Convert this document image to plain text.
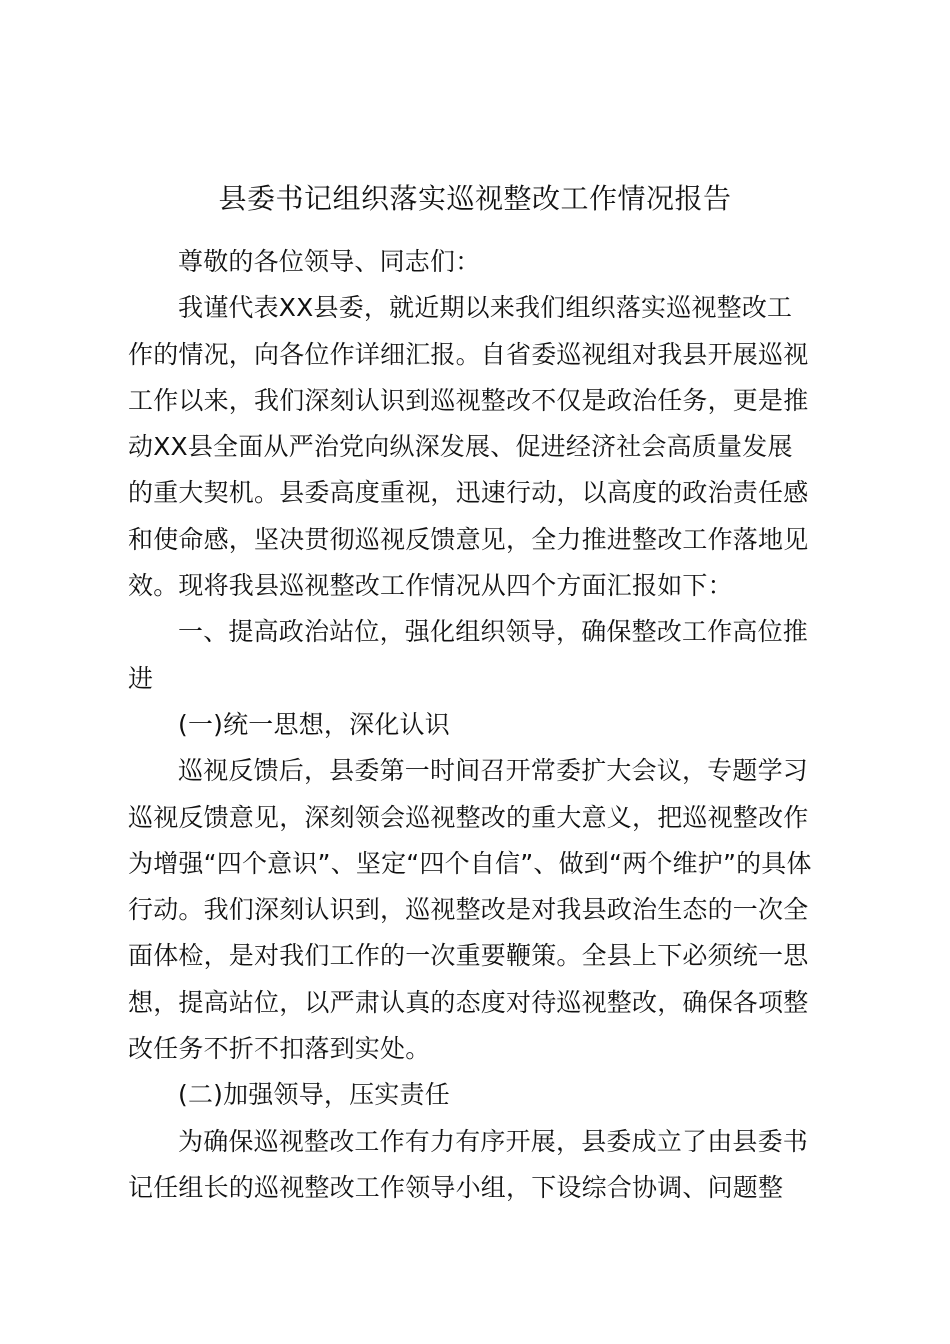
县委书记组织落实巡视整改工作情况报告
尊敬的各位领导、同志们：
我谨代表XX县委，就近期以来我们组织落实巡视整改工
作的情况，向各位作详细汇报。自省委巡视组对我县开展巡视
工作以来，我们深刻认识到巡视整改不仅是政治任务，更是推
动XX县全面从严治党向纵深发展、促进经济社会高质量发展
的重大契机。县委高度重视，迅速行动，以高度的政治责任感
和使命感，坚决贯彻巡视反馈意见，全力推进整改工作落地见
效。现将我县巡视整改工作情况从四个方面汇报如下：
一、提高政治站位，强化组织领导，确保整改工作高位推
进
(一)统一思想，深化认识
巡视反馈后，县委第一时间召开常委扩大会议，专题学习
巡视反馈意见，深刻领会巡视整改的重大意义，把巡视整改作
为增强“四个意识”、坚定“四个自信”、做到“两个维护”的具体
行动。我们深刻认识到，巡视整改是对我县政治生态的一次全
面体检，是对我们工作的一次重要鞭策。全县上下必须统一思
想，提高站位，以严肃认真的态度对待巡视整改，确保各项整
改任务不折不扣落到实处。
(二)加强领导，压实责任
为确保巡视整改工作有力有序开展，县委成立了由县委书
记任组长的巡视整改工作领导小组，下设综合协调、问题整
